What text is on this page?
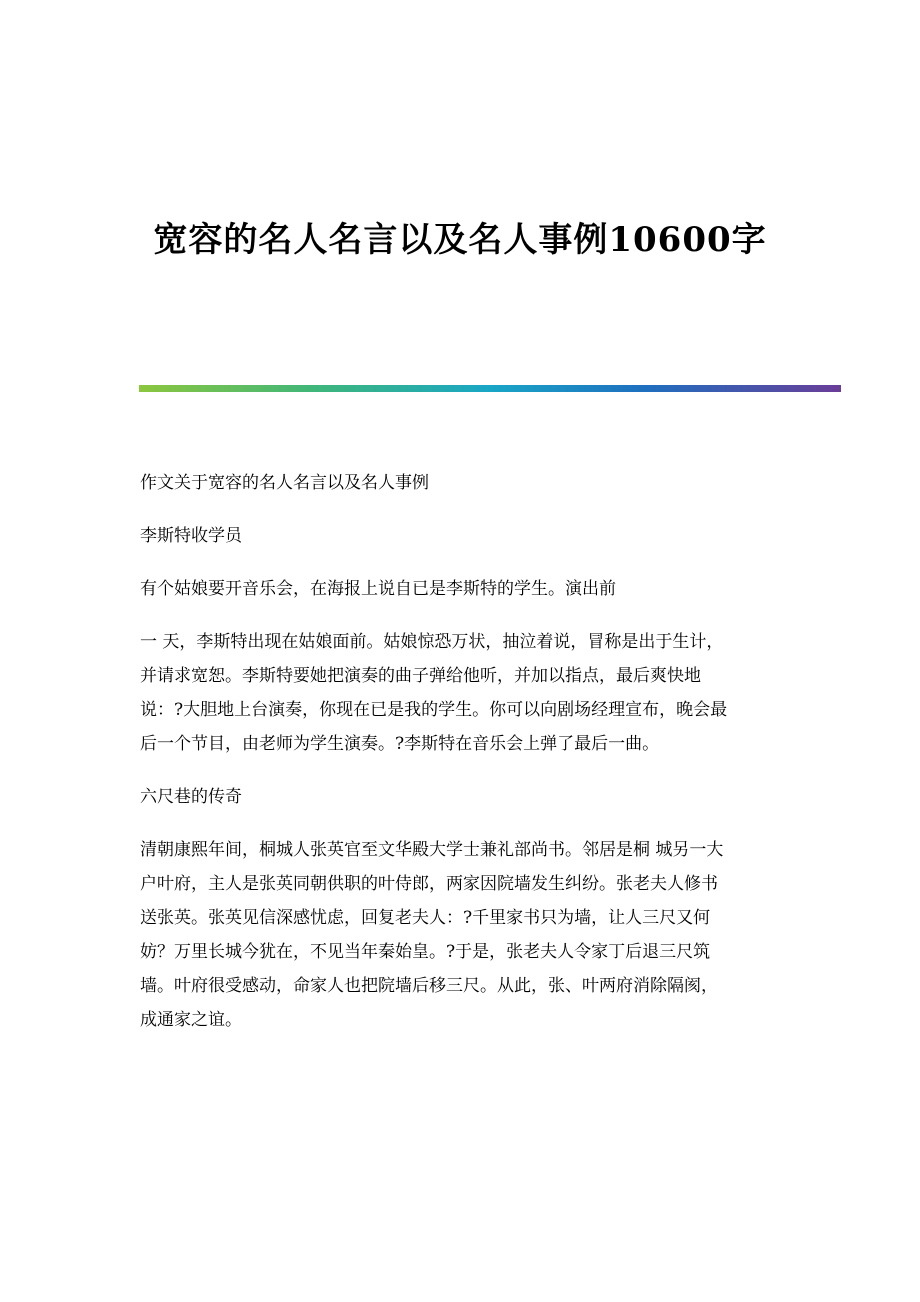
宽容的名人名言以及名人事例10600字

作文关于宽容的名人名言以及名人事例

李斯特收学员

有个姑娘要开音乐会，在海报上说自已是李斯特的学生。演出前

一 天，李斯特出现在姑娘面前。姑娘惊恐万状，抽泣着说，冒称是出于生计，
并请求宽恕。李斯特要她把演奏的曲子弹给他听，并加以指点，最后爽快地
说：?大胆地上台演奏，你现在已是我的学生。你可以向剧场经理宣布，晚会最
后一个节目，由老师为学生演奏。?李斯特在音乐会上弹了最后一曲。

六尺巷的传奇

清朝康熙年间，桐城人张英官至文华殿大学士兼礼部尚书。邻居是桐 城另一大
户叶府，主人是张英同朝供职的叶侍郎，两家因院墙发生纠纷。张老夫人修书
送张英。张英见信深感忧虑，回复老夫人：?千里家书只为墙，让人三尺又何
妨？万里长城今犹在，不见当年秦始皇。?于是，张老夫人令家丁后退三尺筑
墙。叶府很受感动，命家人也把院墙后移三尺。从此，张、叶两府消除隔阂，
成通家之谊。
